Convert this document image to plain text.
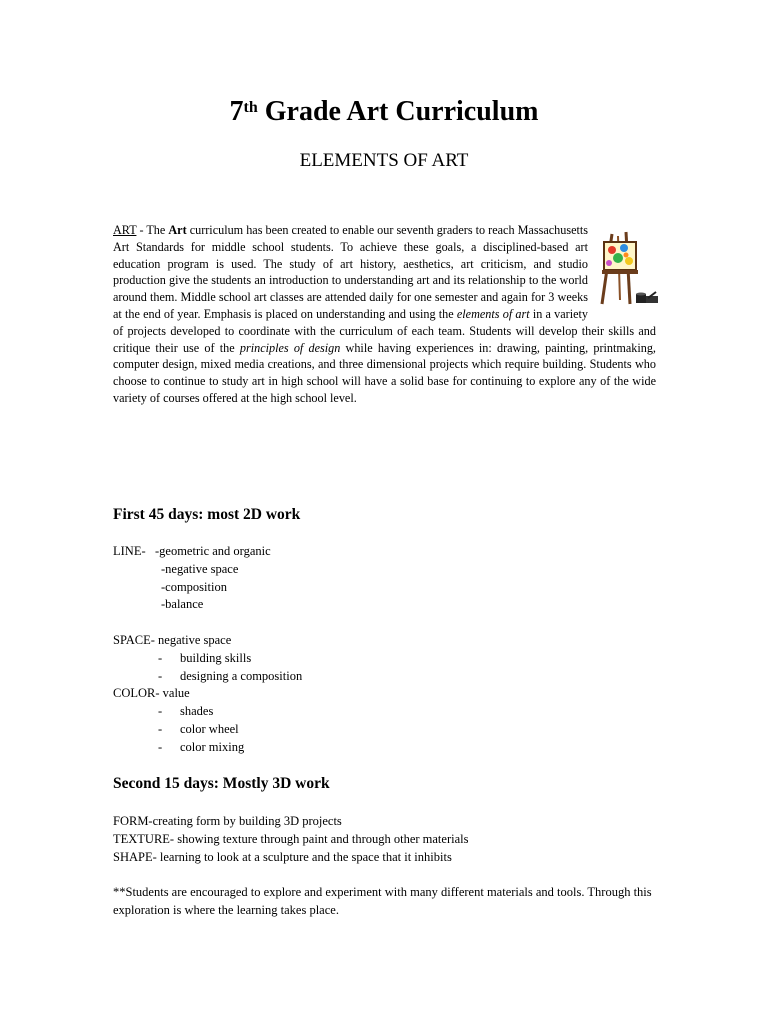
7th Grade Art Curriculum
ELEMENTS OF ART
ART - The Art curriculum has been created to enable our seventh graders to reach Massachusetts Art Standards for middle school students. To achieve these goals, a disciplined-based art education program is used. The study of art history, aesthetics, art criticism, and studio production give the students an introduction to understanding art and its relationship to the world around them. Middle school art classes are attended daily for one semester and again for 3 weeks at the end of year. Emphasis is placed on understanding and using the elements of art in a variety of projects developed to coordinate with the curriculum of each team. Students will develop their skills and critique their use of the principles of design while having experiences in: drawing, painting, printmaking, computer design, mixed media creations, and three dimensional projects which require building. Students who choose to continue to study art in high school will have a solid base for continuing to explore any of the wide variety of courses offered at the high school level.
First 45 days: most 2D work
LINE- -geometric and organic
-negative space
-composition
-balance
SPACE- negative space
-	building skills
-	designing a composition
COLOR- value
-	shades
-	color wheel
-	color mixing
Second 15 days: Mostly 3D work
FORM-creating form by building 3D projects
TEXTURE- showing texture through paint and through other materials
SHAPE- learning to look at a sculpture and the space that it inhibits
**Students are encouraged to explore and experiment with many different materials and tools. Through this exploration is where the learning takes place.
